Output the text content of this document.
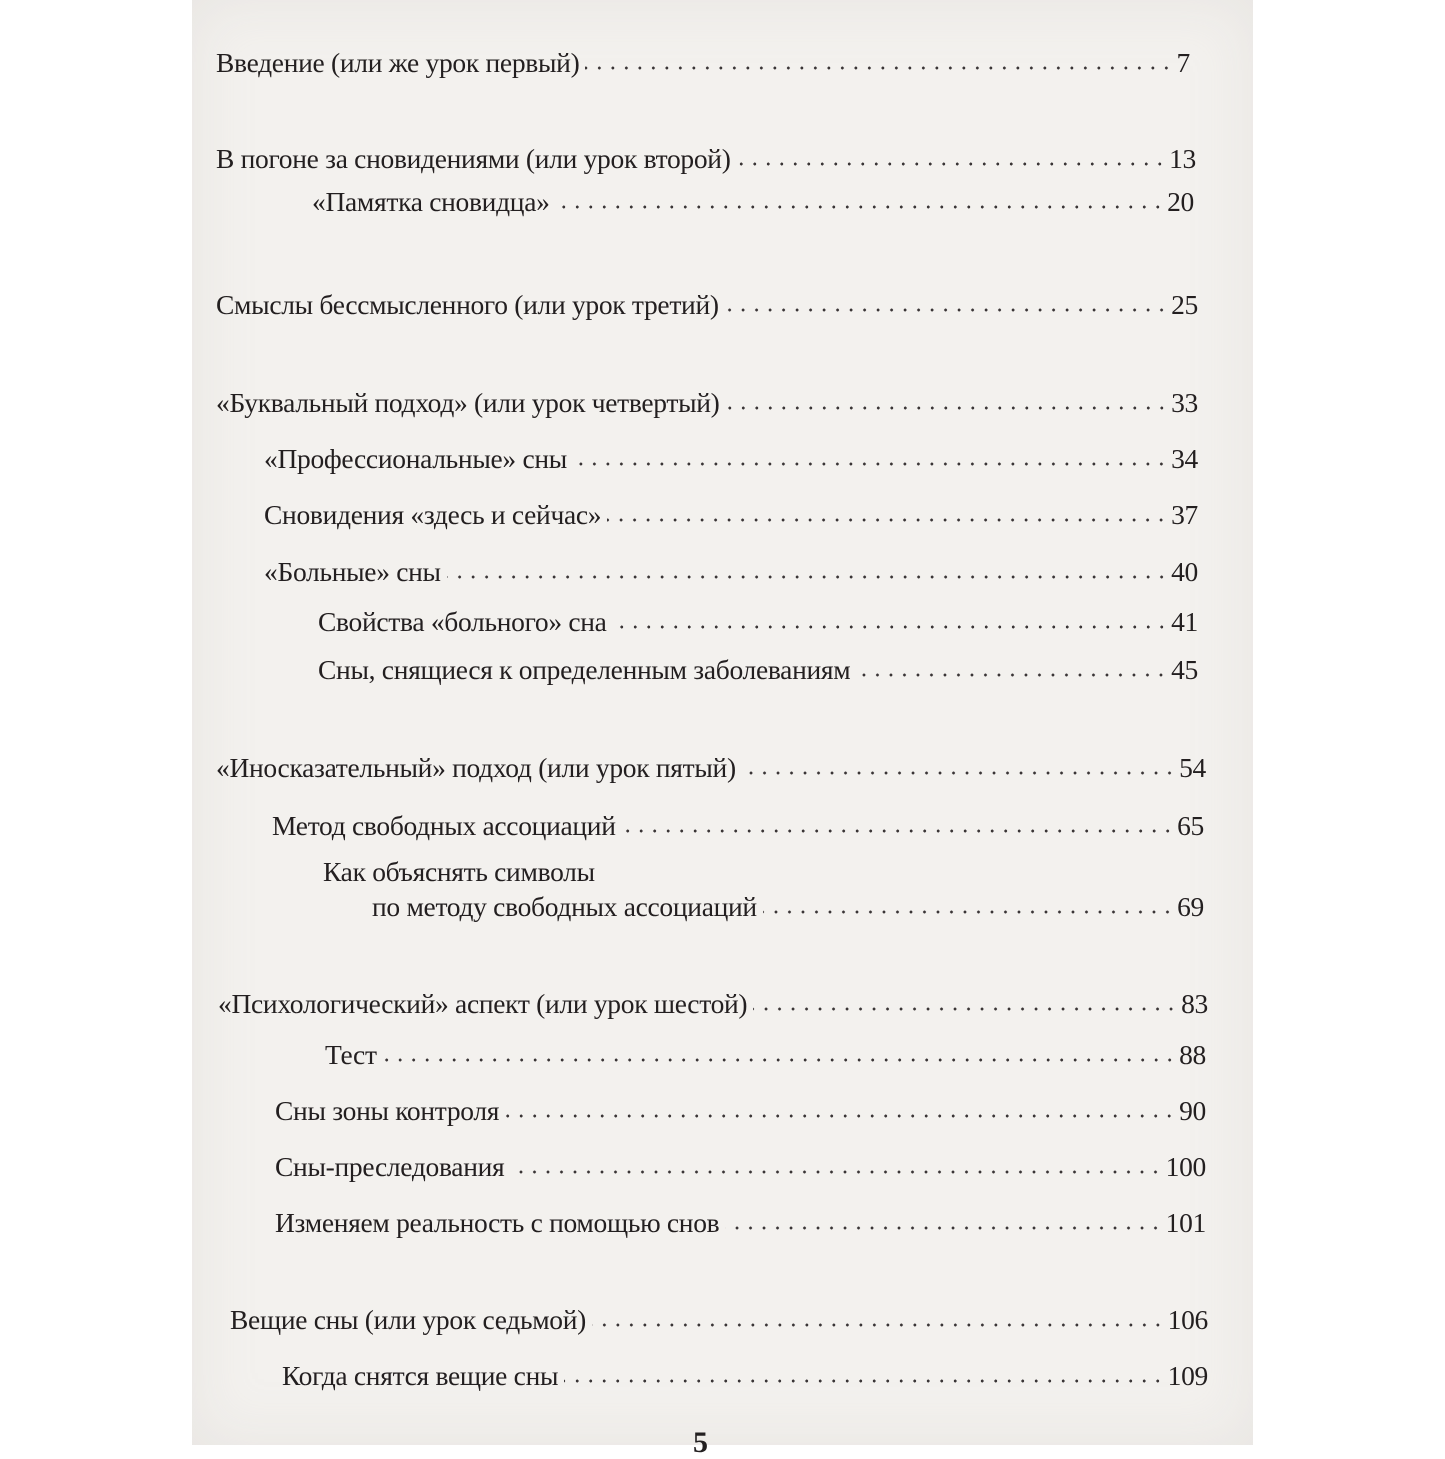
Введение (или же урок первый)	7
В погоне за сновидениями (или урок второй)	13
«Памятка сновидца»	20
Смыслы бессмысленного (или урок третий)	25
«Буквальный подход» (или урок четвертый)	33
«Профессиональные» сны	34
Сновидения «здесь и сейчас»	37
«Больные» сны	40
Свойства «больного» сна	41
Сны, снящиеся к определенным заболеваниям	45
«Иносказательный» подход (или урок пятый)	54
Метод свободных ассоциаций	65
Как объяснять символы
по методу свободных ассоциаций	69
«Психологический» аспект (или урок шестой)	83
Тест	88
Сны зоны контроля	90
Сны-преследования	100
Изменяем реальность с помощью снов	101
Вещие сны (или урок седьмой)	106
Когда снятся вещие сны	109
5
